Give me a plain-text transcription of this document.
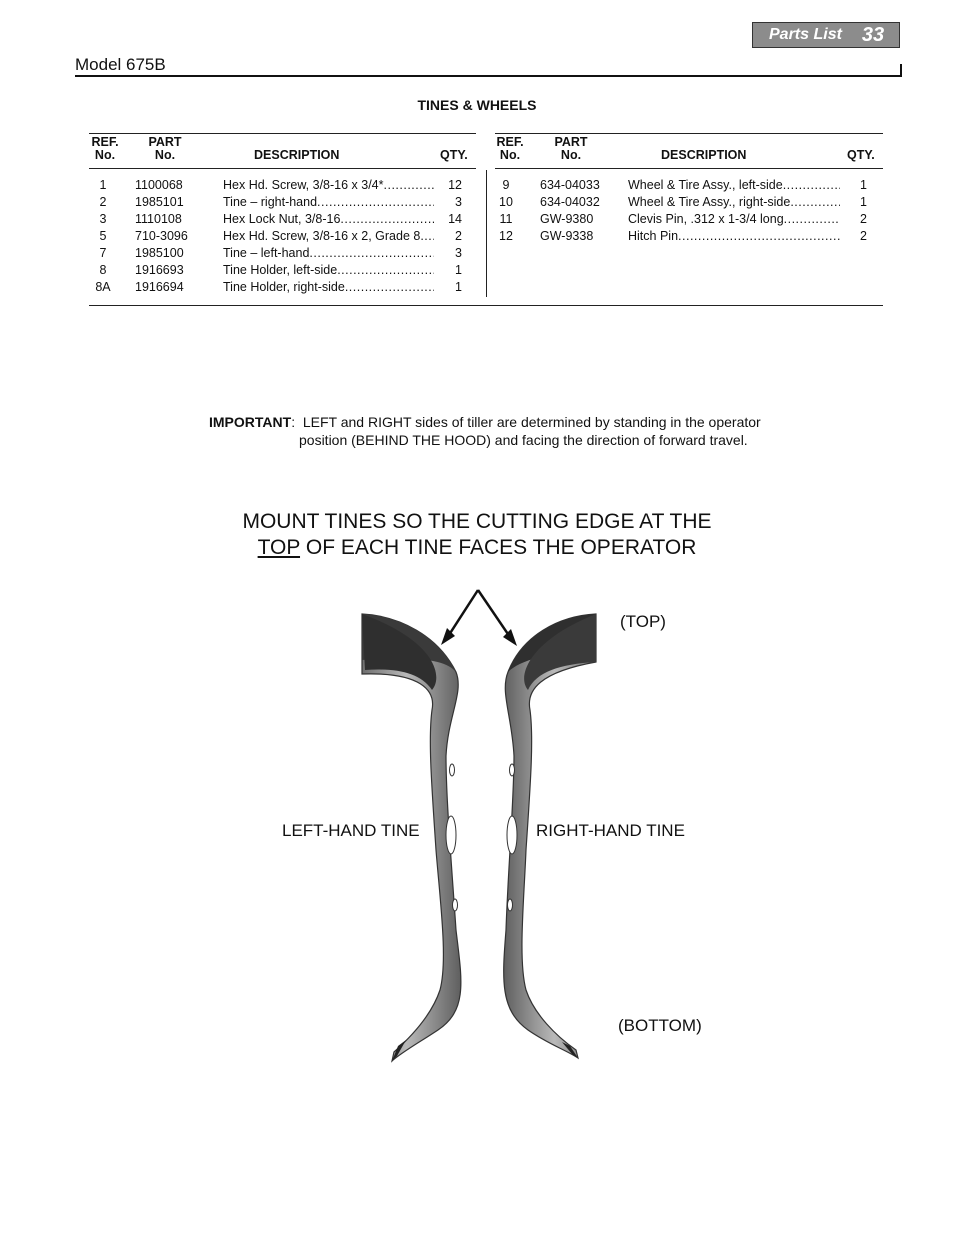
Parts List 33
Model 675B
TINES & WHEELS
REF.
No.
PART
No.	DESCRIPTION	QTY.
REF.
No.
PART
No.	DESCRIPTION	QTY.
1	1100068	Hex Hd. Screw, 3/8-16 x 3/4* .....	12
2	1985101	Tine – right-hand .....	3
3	1110108	Hex Lock Nut, 3/8-16 .....	14
5	710-3096	Hex Hd. Screw, 3/8-16 x 2, Grade 8 .....	2
7	1985100	Tine – left-hand .....	3
8	1916693	Tine Holder, left-side .....	1
8A	1916694	Tine Holder, right-side .....	1
9	634-04033	Wheel & Tire Assy., left-side .....	1
10	634-04032	Wheel & Tire Assy., right-side .....	1
11	GW-9380	Clevis Pin, .312 x 1-3/4 long .....	2
12	GW-9338	Hitch Pin .....	2
IMPORTANT:  LEFT and RIGHT sides of tiller are determined by standing in the operator
position (BEHIND THE HOOD) and facing the direction of forward travel.
MOUNT TINES SO THE CUTTING EDGE AT THE
TOP OF EACH TINE FACES THE OPERATOR
(TOP)
(BOTTOM)
LEFT-HAND TINE	RIGHT-HAND TINE
